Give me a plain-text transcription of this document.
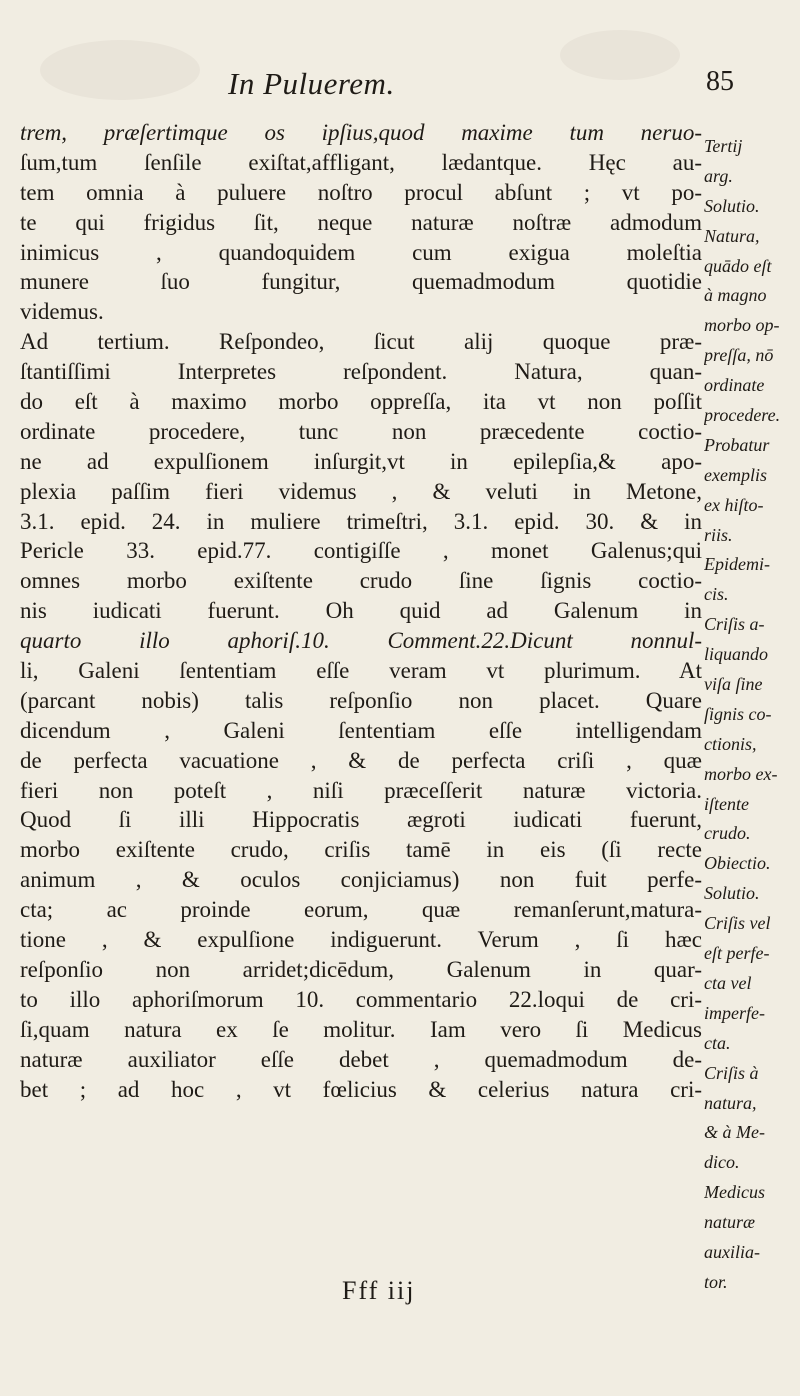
In Puluerem.	85
trem, præſertimque os ipſius,quod maxime tum neruo-
ſum,tum ſenſile exiſtat,affligant, lædantque. Hęc au-
tem omnia à puluere noſtro procul abſunt ; vt po-
te qui frigidus ſit, neque naturæ noſtræ admodum
inimicus , quandoquidem cum exigua moleſtia
munere ſuo fungitur, quemadmodum quotidie
videmus.
Ad tertium. Reſpondeo, ſicut alij quoque præ-
ſtantiſſimi Interpretes reſpondent. Natura, quan-
do eſt à maximo morbo oppreſſa, ita vt non poſſit
ordinate procedere, tunc non præcedente coctio-
ne ad expulſionem inſurgit,vt in epilepſia,& apo-
plexia paſſim fieri videmus , & veluti in Metone,
3.1. epid. 24. in muliere trimeſtri, 3.1. epid. 30. & in
Pericle 33. epid.77. contigiſſe , monet Galenus;qui
omnes morbo exiſtente crudo ſine ſignis coctio-
nis iudicati fuerunt. Oh quid ad Galenum in
quarto illo aphoriſ.10. Comment.22.Dicunt nonnul-
li, Galeni ſententiam eſſe veram vt plurimum. At
(parcant nobis) talis reſponſio non placet. Quare
dicendum , Galeni ſententiam eſſe intelligendam
de perfecta vacuatione , & de perfecta criſi , quæ
fieri non poteſt , niſi præceſſerit naturæ victoria.
Quod ſi illi Hippocratis ægroti iudicati fuerunt,
morbo exiſtente crudo, criſis tamē in eis (ſi recte
animum , & oculos conjiciamus) non fuit perfe-
cta; ac proinde eorum, quæ remanſerunt,matura-
tione , & expulſione indiguerunt. Verum , ſi hæc
reſponſio non arridet;dicēdum, Galenum in quar-
to illo aphoriſmorum 10. commentario 22.loqui de cri-
ſi,quam natura ex ſe molitur. Iam vero ſi Medicus
naturæ auxiliator eſſe debet , quemadmodum de-
bet ; ad hoc , vt fœlicius & celerius natura cri-
Tertij
arg.
Solutio.
Natura,
quādo eſt
à magno
morbo op-
preſſa, nō
ordinate
procedere.
Probatur
exemplis
ex hiſto-
riis.
Epidemi-
cis.
Criſis a-
liquando
viſa ſine
ſignis co-
ctionis,
morbo ex-
iſtente
crudo.
Obiectio.
Solutio.
Criſis vel
eſt perfe-
cta vel
imperfe-
cta.
Criſis à
natura,
& à Me-
dico.
Medicus
naturæ
auxilia-
tor.
Fff iij
